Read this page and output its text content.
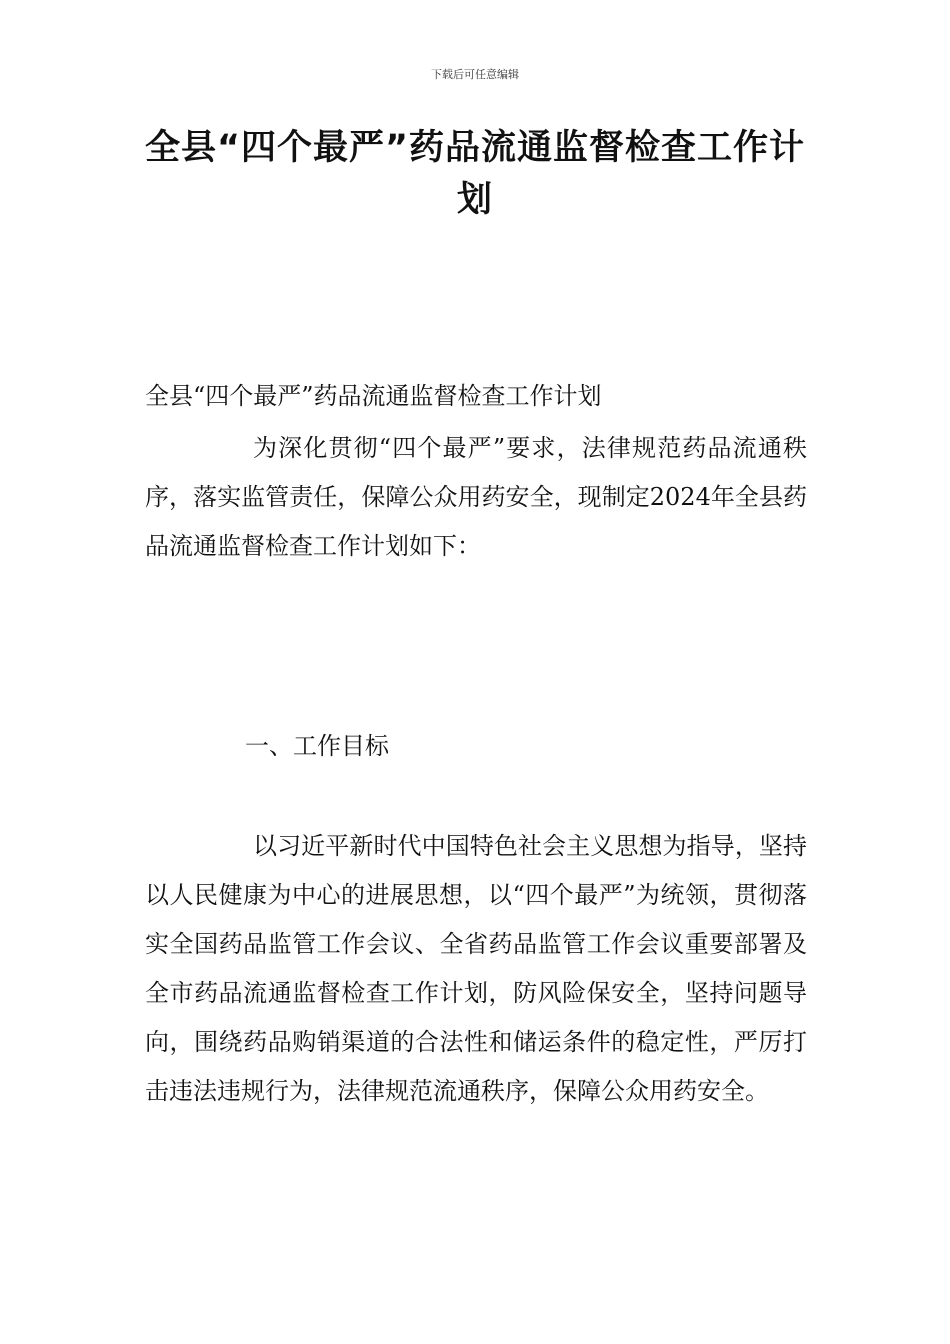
下载后可任意编辑
全县“四个最严”药品流通监督检查工作计划

全县“四个最严”药品流通监督检查工作计划

为深化贯彻“四个最严”要求，法律规范药品流通秩序，落实监管责任，保障公众用药安全，现制定2024年全县药品流通监督检查工作计划如下：

一、工作目标

以习近平新时代中国特色社会主义思想为指导，坚持以人民健康为中心的进展思想，以“四个最严”为统领，贯彻落实全国药品监管工作会议、全省药品监管工作会议重要部署及全市药品流通监督检查工作计划，防风险保安全，坚持问题导向，围绕药品购销渠道的合法性和储运条件的稳定性，严厉打击违法违规行为，法律规范流通秩序，保障公众用药安全。
